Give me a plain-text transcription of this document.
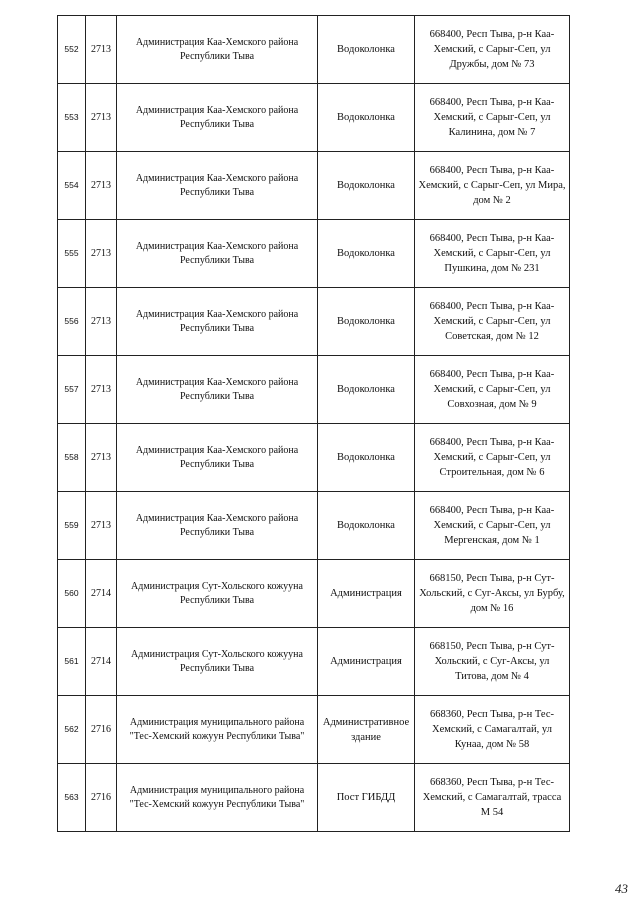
552	2713	Администрация Каа-Хемского района Республики Тыва	Водоколонка	668400, Респ Тыва, р-н Каа-Хемский, с Сарыг-Сеп, ул Дружбы, дом № 73
553	2713	Администрация Каа-Хемского района Республики Тыва	Водоколонка	668400, Респ Тыва, р-н Каа-Хемский, с Сарыг-Сеп, ул Калинина, дом № 7
554	2713	Администрация Каа-Хемского района Республики Тыва	Водоколонка	668400, Респ Тыва, р-н Каа-Хемский, с Сарыг-Сеп, ул Мира, дом № 2
555	2713	Администрация Каа-Хемского района Республики Тыва	Водоколонка	668400, Респ Тыва, р-н Каа-Хемский, с Сарыг-Сеп, ул Пушкина, дом № 231
556	2713	Администрация Каа-Хемского района Республики Тыва	Водоколонка	668400, Респ Тыва, р-н Каа-Хемский, с Сарыг-Сеп, ул Советская, дом № 12
557	2713	Администрация Каа-Хемского района Республики Тыва	Водоколонка	668400, Респ Тыва, р-н Каа-Хемский, с Сарыг-Сеп, ул Совхозная, дом № 9
558	2713	Администрация Каа-Хемского района Республики Тыва	Водоколонка	668400, Респ Тыва, р-н Каа-Хемский, с Сарыг-Сеп, ул Строительная, дом № 6
559	2713	Администрация Каа-Хемского района Республики Тыва	Водоколонка	668400, Респ Тыва, р-н Каа-Хемский, с Сарыг-Сеп, ул Мергенская, дом № 1
560	2714	Администрация Сут-Хольского кожууна Республики Тыва	Администрация	668150, Респ Тыва, р-н Сут-Хольский, с Суг-Аксы, ул Бурбу, дом № 16
561	2714	Администрация Сут-Хольского кожууна Республики Тыва	Администрация	668150, Респ Тыва, р-н Сут-Хольский, с Суг-Аксы, ул Титова, дом № 4
562	2716	Администрация муниципального района "Тес-Хемский кожуун Республики Тыва"	Административное здание	668360, Респ Тыва, р-н Тес-Хемский, с Самагалтай, ул Кунаа, дом № 58
563	2716	Администрация муниципального района "Тес-Хемский кожуун Республики Тыва"	Пост ГИБДД	668360, Респ Тыва, р-н Тес-Хемский, с Самагалтай, трасса М 54
43
